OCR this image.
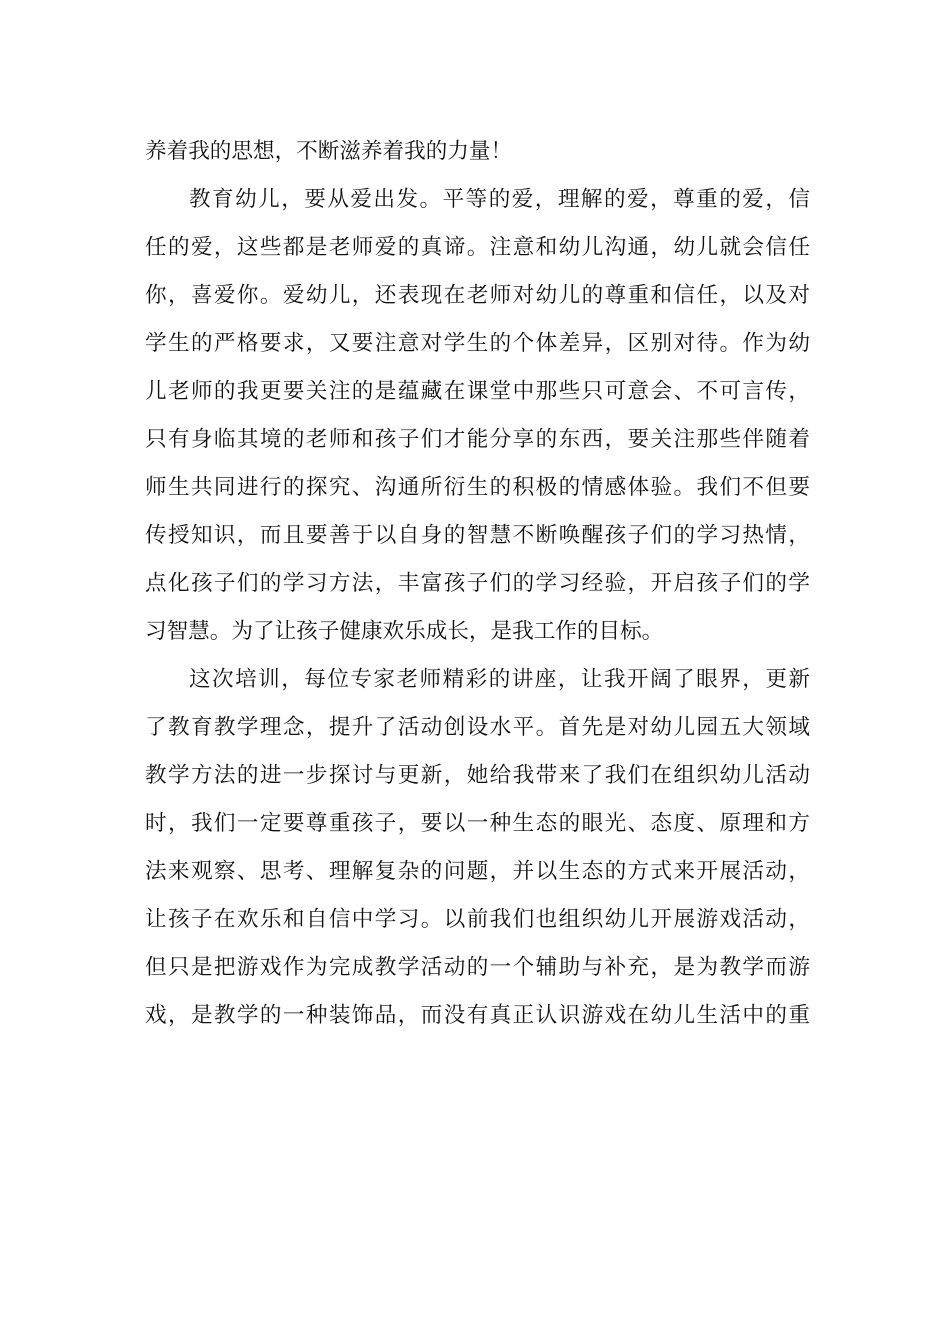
养着我的思想，不断滋养着我的力量！
教育幼儿，要从爱出发。平等的爱，理解的爱，尊重的爱，信
任的爱，这些都是老师爱的真谛。注意和幼儿沟通，幼儿就会信任
你，喜爱你。爱幼儿，还表现在老师对幼儿的尊重和信任，以及对
学生的严格要求，又要注意对学生的个体差异，区别对待。作为幼
儿老师的我更要关注的是蕴藏在课堂中那些只可意会、不可言传，
只有身临其境的老师和孩子们才能分享的东西，要关注那些伴随着
师生共同进行的探究、沟通所衍生的积极的情感体验。我们不但要
传授知识，而且要善于以自身的智慧不断唤醒孩子们的学习热情，
点化孩子们的学习方法，丰富孩子们的学习经验，开启孩子们的学
习智慧。为了让孩子健康欢乐成长，是我工作的目标。
这次培训，每位专家老师精彩的讲座，让我开阔了眼界，更新
了教育教学理念，提升了活动创设水平。首先是对幼儿园五大领域
教学方法的进一步探讨与更新，她给我带来了我们在组织幼儿活动
时，我们一定要尊重孩子，要以一种生态的眼光、态度、原理和方
法来观察、思考、理解复杂的问题，并以生态的方式来开展活动，
让孩子在欢乐和自信中学习。以前我们也组织幼儿开展游戏活动，
但只是把游戏作为完成教学活动的一个辅助与补充，是为教学而游
戏，是教学的一种装饰品，而没有真正认识游戏在幼儿生活中的重
